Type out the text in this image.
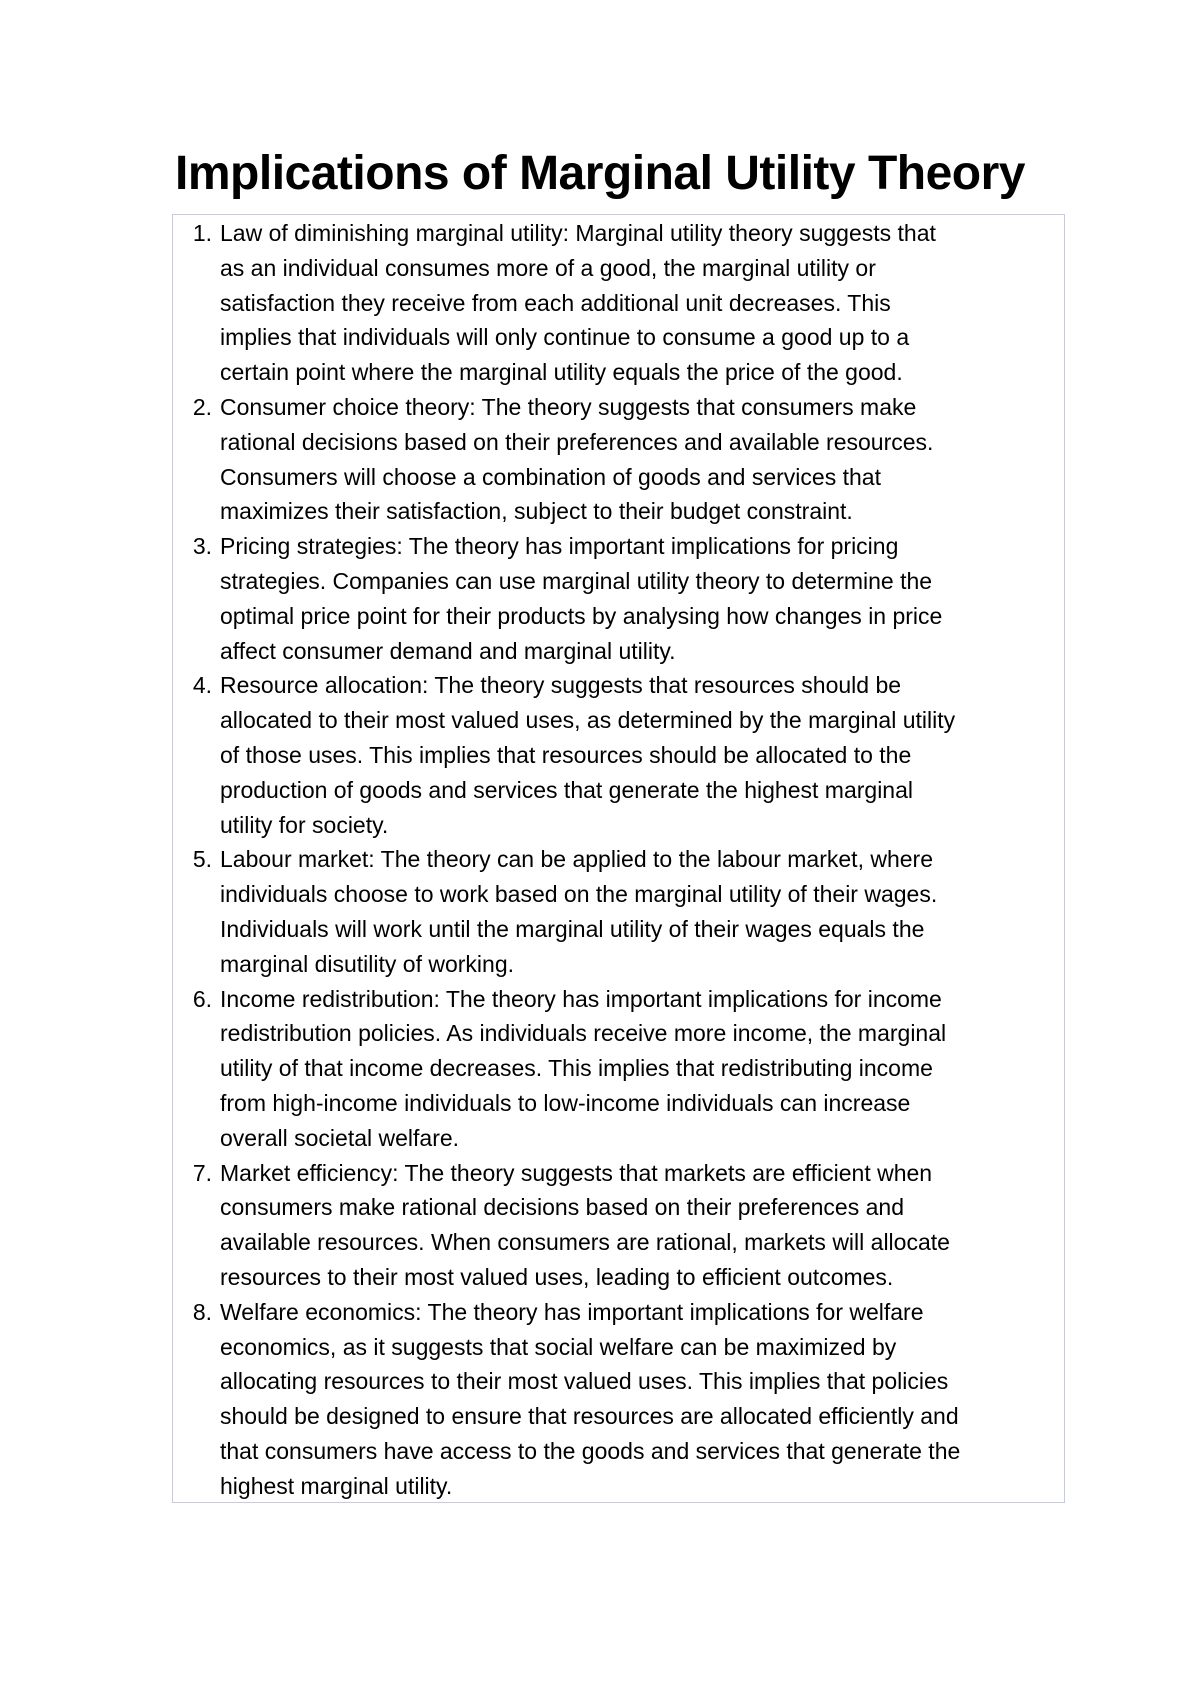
Implications of Marginal Utility Theory
1. Law of diminishing marginal utility: Marginal utility theory suggests that
as an individual consumes more of a good, the marginal utility or
satisfaction they receive from each additional unit decreases. This
implies that individuals will only continue to consume a good up to a
certain point where the marginal utility equals the price of the good.
2. Consumer choice theory: The theory suggests that consumers make
rational decisions based on their preferences and available resources.
Consumers will choose a combination of goods and services that
maximizes their satisfaction, subject to their budget constraint.
3. Pricing strategies: The theory has important implications for pricing
strategies. Companies can use marginal utility theory to determine the
optimal price point for their products by analysing how changes in price
affect consumer demand and marginal utility.
4. Resource allocation: The theory suggests that resources should be
allocated to their most valued uses, as determined by the marginal utility
of those uses. This implies that resources should be allocated to the
production of goods and services that generate the highest marginal
utility for society.
5. Labour market: The theory can be applied to the labour market, where
individuals choose to work based on the marginal utility of their wages.
Individuals will work until the marginal utility of their wages equals the
marginal disutility of working.
6. Income redistribution: The theory has important implications for income
redistribution policies. As individuals receive more income, the marginal
utility of that income decreases. This implies that redistributing income
from high-income individuals to low-income individuals can increase
overall societal welfare.
7. Market efficiency: The theory suggests that markets are efficient when
consumers make rational decisions based on their preferences and
available resources. When consumers are rational, markets will allocate
resources to their most valued uses, leading to efficient outcomes.
8. Welfare economics: The theory has important implications for welfare
economics, as it suggests that social welfare can be maximized by
allocating resources to their most valued uses. This implies that policies
should be designed to ensure that resources are allocated efficiently and
that consumers have access to the goods and services that generate the
highest marginal utility.
